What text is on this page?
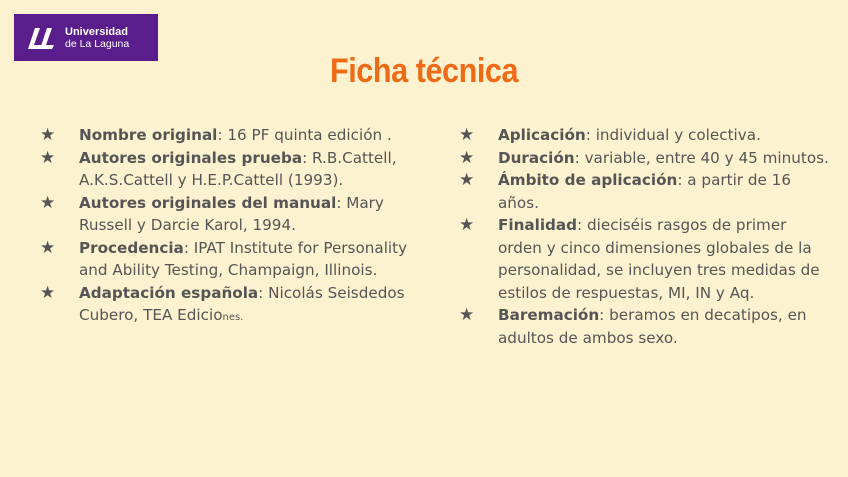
Universidad
de La Laguna
Ficha técnica
★	Nombre original: 16 PF quinta edición .
★	Autores originales prueba: R.B.Cattell, A.K.S.Cattell y H.E.P.Cattell (1993).
★	Autores originales del manual: Mary Russell y Darcie Karol, 1994.
★	Procedencia: IPAT Institute for Personality and Ability Testing, Champaign, Illinois.
★	Adaptación española: Nicolás Seisdedos Cubero, TEA Ediciones.
★	Aplicación: individual y colectiva.
★	Duración: variable, entre 40 y 45 minutos.
★	Ámbito de aplicación: a partir de 16 años.
★	Finalidad: dieciséis rasgos de primer orden y cinco dimensiones globales de la personalidad, se incluyen tres medidas de estilos de respuestas, MI, IN y Aq.
★	Baremación: beramos en decatipos, en adultos de ambos sexo.
